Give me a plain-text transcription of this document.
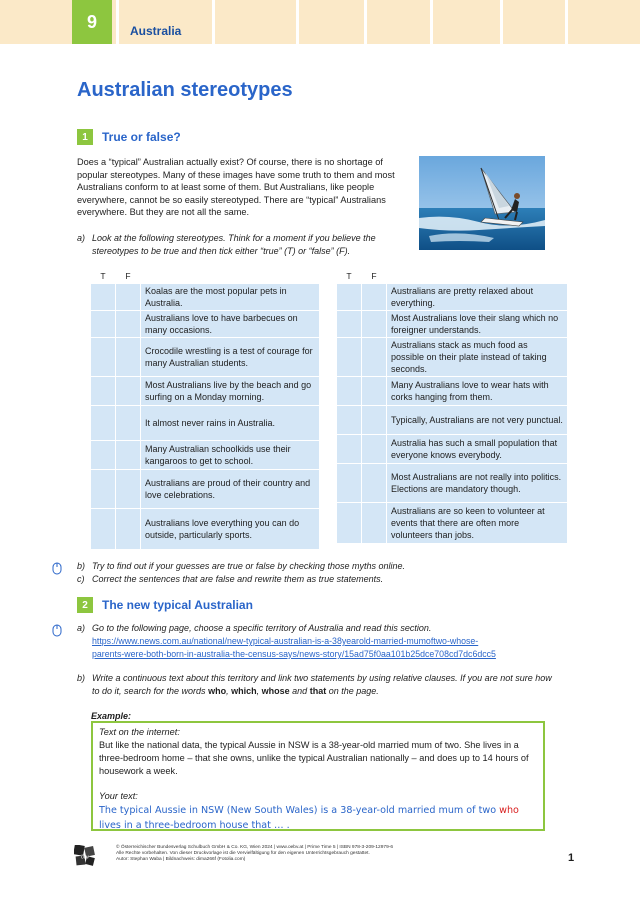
9	Australia
Australian stereotypes
1	True or false?
Does a “typical” Australian actually exist? Of course, there is no shortage of popular stereotypes. Many of these images have some truth to them and most Australians conform to at least some of them. But Australians, like people everywhere, cannot be so easily stereotyped. There are “typical” Australians everywhere. But they are not all the same.
a) Look at the following stereotypes. Think for a moment if you believe the stereotypes to be true and then tick either “true” (T) or “false” (F).
T	F	
		Koalas are the most popular pets in Australia.
		Australians love to have barbecues on many occasions.
		Crocodile wrestling is a test of courage for many Australian students.
		Most Australians live by the beach and go surfing on a Monday morning.
		It almost never rains in Australia.
		Many Australian schoolkids use their kangaroos to get to school.
		Australians are proud of their country and love celebrations.
		Australians love everything you can do outside, particularly sports.
T	F	
		Australians are pretty relaxed about everything.
		Most Australians love their slang which no foreigner understands.
		Australians stack as much food as possible on their plate instead of taking seconds.
		Many Australians love to wear hats with corks hanging from them.
		Typically, Australians are not very punctual.
		Australia has such a small population that everyone knows everybody.
		Most Australians are not really into politics. Elections are mandatory though.
		Australians are so keen to volunteer at events that there are often more volunteers than jobs.
b) Try to find out if your guesses are true or false by checking those myths online.
c) Correct the sentences that are false and rewrite them as true statements.
2	The new typical Australian
a) Go to the following page, choose a specific territory of Australia and read this section.
https://www.news.com.au/national/new-typical-australian-is-a-38yearold-married-mumoftwo-whose-
parents-were-both-born-in-australia-the-census-says/news-story/15ad75f0aa101b25dce708cd7dc6dcc5
b) Write a continuous text about this territory and link two statements by using relative clauses. If you are not sure how to do it, search for the words who, which, whose and that on the page.
Example:
Text on the internet:
But like the national data, the typical Aussie in NSW is a 38-year-old married mum of two. She lives in a three-bedroom home – that she owns, unlike the typical Australian nationally – and does up to 14 hours of housework a week.
Your text:
The typical Aussie in NSW (New South Wales) is a 38-year-old married mum of two who lives in a three-bedroom house that … .
öbv
© Österreichischer Bundesverlag Schulbuch GmbH & Co. KG, Wien 2024 | www.oebv.at | Prime Time 5 | ISBN 978-3-209-12979-6
Alle Rechte vorbehalten. Von dieser Druckvorlage ist die Vervielfältigung für den eigenen Unterrichtsgebrauch gestattet.
Autor: Stephan Waba | Bildnachweis: dima266f (Fotolia.com)	1
